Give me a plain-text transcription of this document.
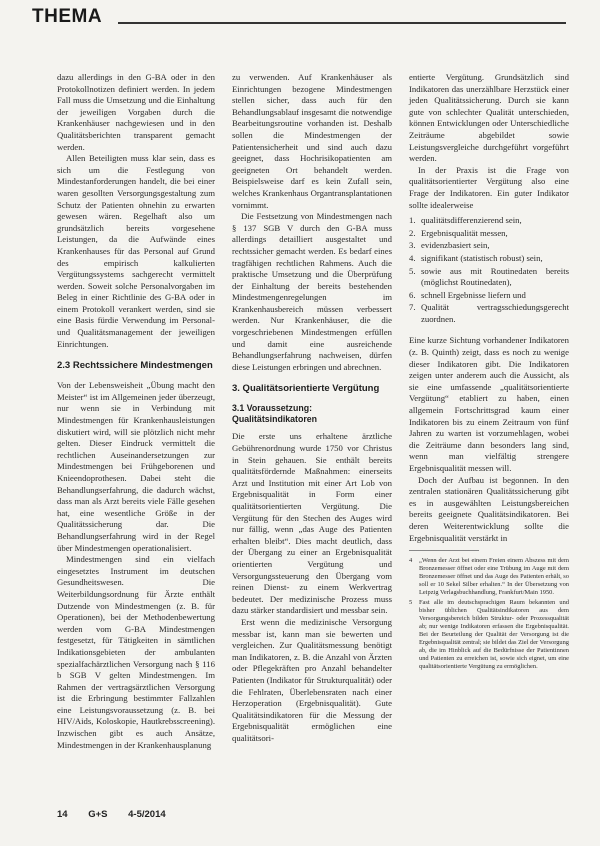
THEMA

dazu allerdings in den G-BA oder in den Protokollnotizen definiert werden. In jedem Fall muss die Umsetzung und die Einhaltung der jeweiligen Vorgaben durch die Krankenhäuser nachgewiesen und in den Qualitätsberichten transparent gemacht werden.

Allen Beteiligten muss klar sein, dass es sich um die Festlegung von Mindestanforderungen handelt, die bei einer waren gesollten Versorgungsgestaltung zum Schutz der Patienten ohnehin zu erwarten gewesen wären. Regelhaft also um grundsätzlich bereits vorgesehene Leistungen, da die Aufwände eines Krankenhauses für das Personal auf Grund des empirisch kalkulierten Vergütungssystems sachgerecht vermittelt werden. Soweit solche Personalvorgaben im Beleg in einer Richtlinie des G-BA oder in einem Protokoll verankert werden, sind sie eine Basis fürdie Verwendung im Personal- und Qualitätsmanagement der jeweiligen Einrichtungen.

2.3 Rechtssichere Mindestmengen

Von der Lebensweisheit „Übung macht den Meister“ ist im Allgemeinen jeder überzeugt, nur wenn sie in Verbindung mit Mindestmengen für Krankenhausleistungen diskutiert wird, will sie plötzlich nicht mehr gelten. Dieser Eindruck vermittelt die rechtlichen Auseinandersetzungen zur Mindestmengen bei Frühgeborenen und Knieendoprothesen. Dabei steht die Behandlungserfahrung, die dadurch wächst, dass man als Arzt bereits viele Fälle gesehen hat, eine wesentliche Größe in der Qualitätssicherung dar. Die Behandlungserfahrung wird in der Regel über Mindestmengen operationalisiert.

Mindestmengen sind ein vielfach eingesetztes Instrument im deutschen Gesundheitswesen. Die Weiterbildungsordnung für Ärzte enthält Dutzende von Mindestmengen (z. B. für Operationen), bei der Methodenbewertung werden vom G-BA Mindestmengen festgesetzt, für Tätigkeiten in sämtlichen Indikationsgebieten der ambulanten spezialfachärztlichen Versorgung nach § 116 b SGB V gelten Mindestmengen. Im Rahmen der vertragsärztlichen Versorgung ist die Erbringung bestimmter Fallzahlen eine Leistungsvoraussetzung (z. B. bei HIV/Aids, Koloskopie, Hautkrebsscreening). Inzwischen gibt es auch Ansätze, Mindestmengen in der Krankenhausplanung

zu verwenden. Auf Krankenhäuser als Einrichtungen bezogene Mindestmengen stellen sicher, dass auch für den Behandlungsablauf insgesamt die notwendige Bearbeitungsroutine vorhanden ist. Deshalb sollen die Mindestmengen der Patientensicherheit und sind auch dazu geeignet, dass Hochrisikopatienten am geeigneten Ort behandelt werden. Beispielsweise darf es kein Zufall sein, welches Krankenhaus Organtransplantationen vornimmt.

Die Festsetzung von Mindestmengen nach § 137 SGB V durch den G-BA muss allerdings detailliert ausgestaltet und rechtssicher gemacht werden. Es bedarf eines tragfähigen rechtlichen Rahmens. Auch die praktische Umsetzung und die Überprüfung der Einhaltung der bereits bestehenden Mindestmengenregelungen im Krankenhausbereich müssen verbessert werden. Nur Krankenhäuser, die die vorgeschriebenen Mindestmengen erfüllen und damit eine ausreichende Behandlungserfahrung nachweisen, dürfen diese Leistungen erbringen und abrechnen.

3. Qualitätsorientierte Vergütung
3.1 Voraussetzung:
Qualitätsindikatoren

Die erste uns erhaltene ärztliche Gebührenordnung wurde 1750 vor Christus in Stein gehauen. Sie enthält bereits qualitätsfördernde Maßnahmen: einerseits Arzt und Institution mit einer Art Lob von Ergebnisqualität in Form einer qualitätsorientierten Vergütung. Die Vergütung für den Stechen des Auges wird nur fällig, wenn „das Auge des Patienten erhalten bleibt“. Dies macht deutlich, dass der Übergang zu einer an Ergebnisqualität orientierten Vergütung und Versorgungssteuerung den Übergang vom reinen Dienst- zu einem Werkvertrag bedeutet. Der medizinische Prozess muss dazu stärker standardisiert und messbar sein.

Erst wenn die medizinische Versorgung messbar ist, kann man sie bewerten und vergleichen. Zur Qualitätsmessung benötigt man Indikatoren, z. B. die Anzahl von Ärzten oder Pflegekräften pro Anzahl behandelter Patienten (Indikator für Strukturqualität) oder die Fehlraten, Überlebensraten nach einer Herzoperation (Ergebnisqualität). Gute Qualitätsindikatoren für die Messung der Ergebnisqualität ermöglichen eine qualitätsori-

entierte Vergütung. Grundsätzlich sind Indikatoren das unerzählbare Herzstück einer jeden Qualitätssicherung. Durch sie kann gute von schlechter Qualität unterschieden, können Entwicklungen oder Unterschiedliche Zeiträume abgebildet sowie Leistungsvergleiche durchgeführt vorgeführt werden.

In der Praxis ist die Frage von qualitätsorientierter Vergütung also eine Frage der Indikatoren. Ein guter Indikator sollte idealerweise

1. qualitätsdifferenzierend sein,
2. Ergebnisqualität messen,
3. evidenzbasiert sein,
4. signifikant (statistisch robust) sein,
5. sowie aus mit Routinedaten bereits (möglichst Routinedaten),
6. schnell Ergebnisse liefern und
7. Qualität vertragsschiedungsgerecht zuordnen.

Eine kurze Sichtung vorhandener Indikatoren (z. B. Quinth) zeigt, dass es noch zu wenige dieser Indikatoren gibt. Die Indikatoren zeigen unter anderem auch die Aussicht, als sie eine umfassende „qualitätsorientierte Vergütung“ etabliert zu haben, einen allgemein Fortschrittsgrad kaum einer Indikatoren bis zu einem Zeitraum von fünf Jahren zu warten ist vorzumehlagen, wobei die Zeiträume dann besonders lang sind, wenn man vielfältig strengere Ergebnisqualität messen will.

Doch der Aufbau ist begonnen. In den zentralen stationären Qualitätssicherung gibt es in ausgewählten Leistungsbereichen bereits geeignete Qualitätsindikatoren. Bei deren Weiterentwicklung sollte die Ergebnisqualität verstärkt in

4	„Wenn der Arzt bei einem Freien einem Abszess mit dem Bronzemesser öffnet oder eine Trübung im Auge mit dem Bronzemesser öffnet und das Auge des Patienten erhält, so soll er 10 Sekel Silber erhalten.“ In der Übersetzung von Leipzig Verlagsbuchhandlung, Frankfurt/Main 1950.
5	Fast alle im deutschsprachigen Raum bekannten und bisher üblichen Qualitätsindikatoren aus dem Versorgungsbereich bilden Struktur- oder Prozessqualität ab; nur wenige Indikatoren erfassen die Ergebnisqualität. Bei der Beurteilung der Qualität der Versorgung ist die Ergebnisqualität zentral; sie bildet das Ziel der Versorgung ab, die im Hinblick auf die Bedürfnisse der Patientinnen und Patienten zu erreichen ist, sowie sich eignet, um eine qualitätsorientierte Vergütung zu ermöglichen.
14 G+S 4-5/2014
